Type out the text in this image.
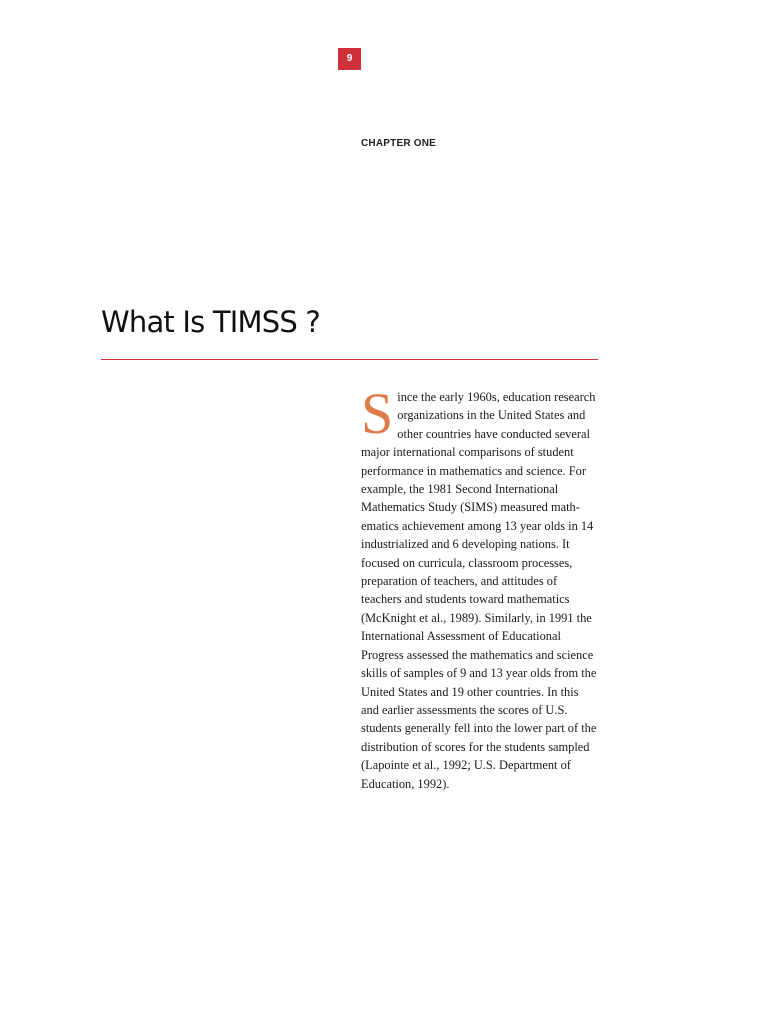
9
CHAPTER ONE
What Is TIMSS ?

Since the early 1960s, education research organizations in the United States and other countries have conducted several major international comparisons of student performance in mathematics and science. For example, the 1981 Second International Mathematics Study (SIMS) measured mathematics achievement among 13 year olds in 14 industrialized and 6 developing nations. It focused on curricula, classroom processes, preparation of teachers, and attitudes of teachers and students toward mathematics (McKnight et al., 1989). Similarly, in 1991 the International Assessment of Educational Progress assessed the mathematics and science skills of samples of 9 and 13 year olds from the United States and 19 other countries. In this and earlier assessments the scores of U.S. students generally fell into the lower part of the distribution of scores for the students sampled (Lapointe et al., 1992; U.S. Department of Education, 1992).
